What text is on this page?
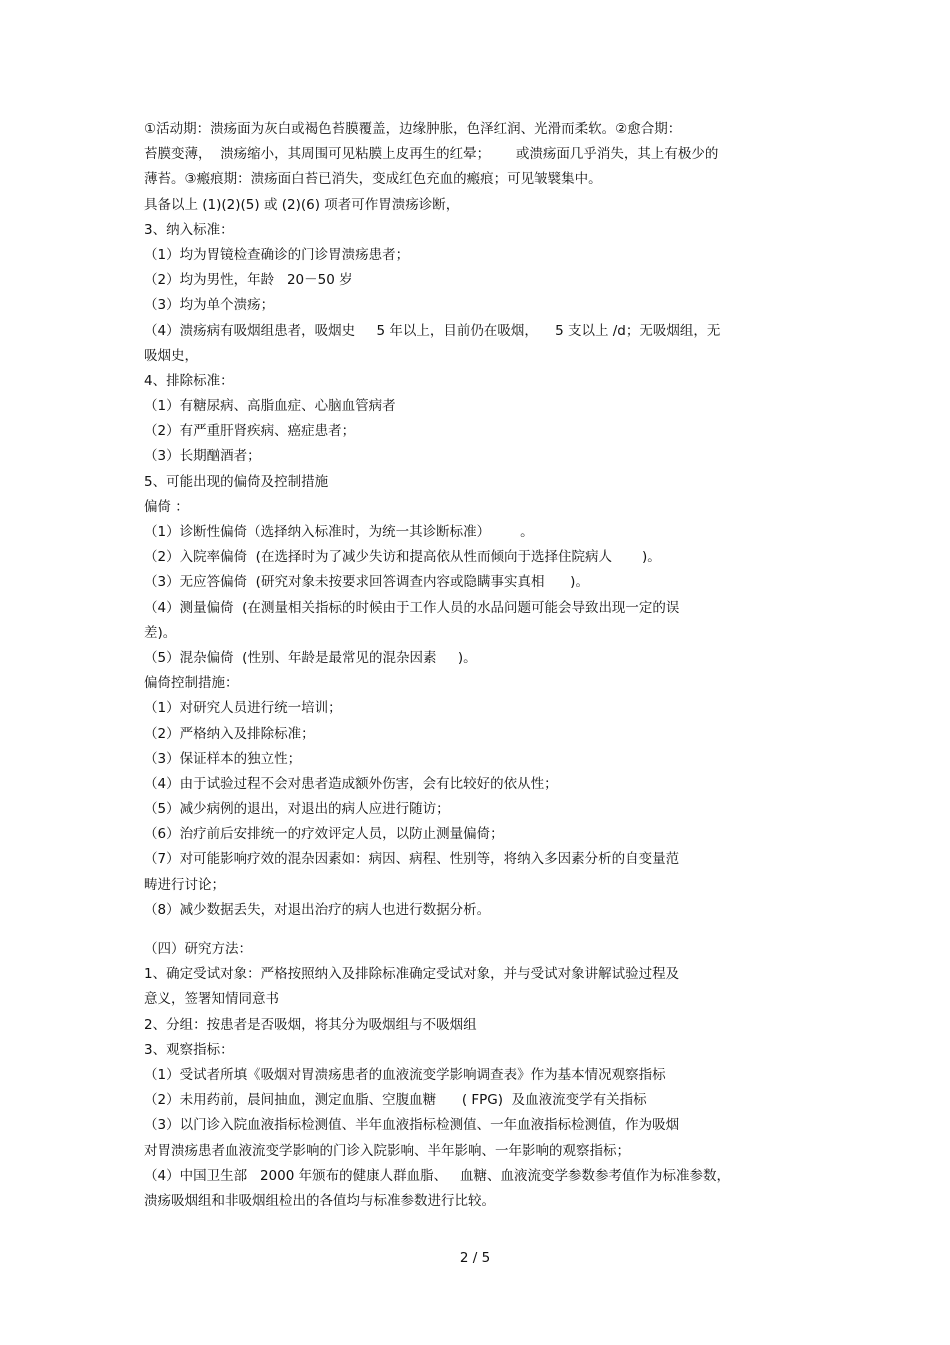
①活动期：溃疡面为灰白或褐色苔膜覆盖，边缘肿胀，色泽红润、光滑而柔软。②愈合期：
苔膜变薄，  溃疡缩小，其周围可见粘膜上皮再生的红晕；      或溃疡面几乎消失，其上有极少的
薄苔。③瘢痕期：溃疡面白苔已消失，变成红色充血的瘢痕；可见皱襞集中。
具备以上 (1)(2)(5) 或 (2)(6) 项者可作胃溃疡诊断，
3、纳入标准：
（1）均为胃镜检查确诊的门诊胃溃疡患者；
（2）均为男性，年龄   20－50 岁
（3）均为单个溃疡；
（4）溃疡病有吸烟组患者，吸烟史     5 年以上，目前仍在吸烟，    5 支以上 /d；无吸烟组，无
吸烟史，
4、排除标准：
（1）有糖尿病、高脂血症、心脑血管病者
（2）有严重肝肾疾病、癌症患者；
（3）长期酗酒者；
5、可能出现的偏倚及控制措施
偏倚 ：
（1）诊断性偏倚（选择纳入标准时，为统一其诊断标准）       。
（2）入院率偏倚  (在选择时为了减少失访和提高依从性而倾向于选择住院病人       )。
（3）无应答偏倚  (研究对象未按要求回答调查内容或隐瞒事实真相      )。
（4）测量偏倚  (在测量相关指标的时候由于工作人员的水品问题可能会导致出现一定的误
差)。
（5）混杂偏倚  (性别、年龄是最常见的混杂因素     )。
偏倚控制措施：
（1）对研究人员进行统一培训；
（2）严格纳入及排除标准；
（3）保证样本的独立性；
（4）由于试验过程不会对患者造成额外伤害，会有比较好的依从性；
（5）减少病例的退出，对退出的病人应进行随访；
（6）治疗前后安排统一的疗效评定人员，以防止测量偏倚；
（7）对可能影响疗效的混杂因素如：病因、病程、性别等，将纳入多因素分析的自变量范
畴进行讨论；
（8）减少数据丢失，对退出治疗的病人也进行数据分析。
（四）研究方法：
1、确定受试对象：严格按照纳入及排除标准确定受试对象，并与受试对象讲解试验过程及
意义，签署知情同意书
2、分组：按患者是否吸烟，将其分为吸烟组与不吸烟组
3、观察指标：
（1）受试者所填《吸烟对胃溃疡患者的血液流变学影响调查表》作为基本情况观察指标
（2）未用药前，晨间抽血，测定血脂、空腹血糖      ( FPG)  及血液流变学有关指标
（3）以门诊入院血液指标检测值、半年血液指标检测值、一年血液指标检测值，作为吸烟
对胃溃疡患者血液流变学影响的门诊入院影响、半年影响、一年影响的观察指标；
（4）中国卫生部   2000 年颁布的健康人群血脂、   血糖、血液流变学参数参考值作为标准参数，
溃疡吸烟组和非吸烟组检出的各值均与标准参数进行比较。
2 / 5
